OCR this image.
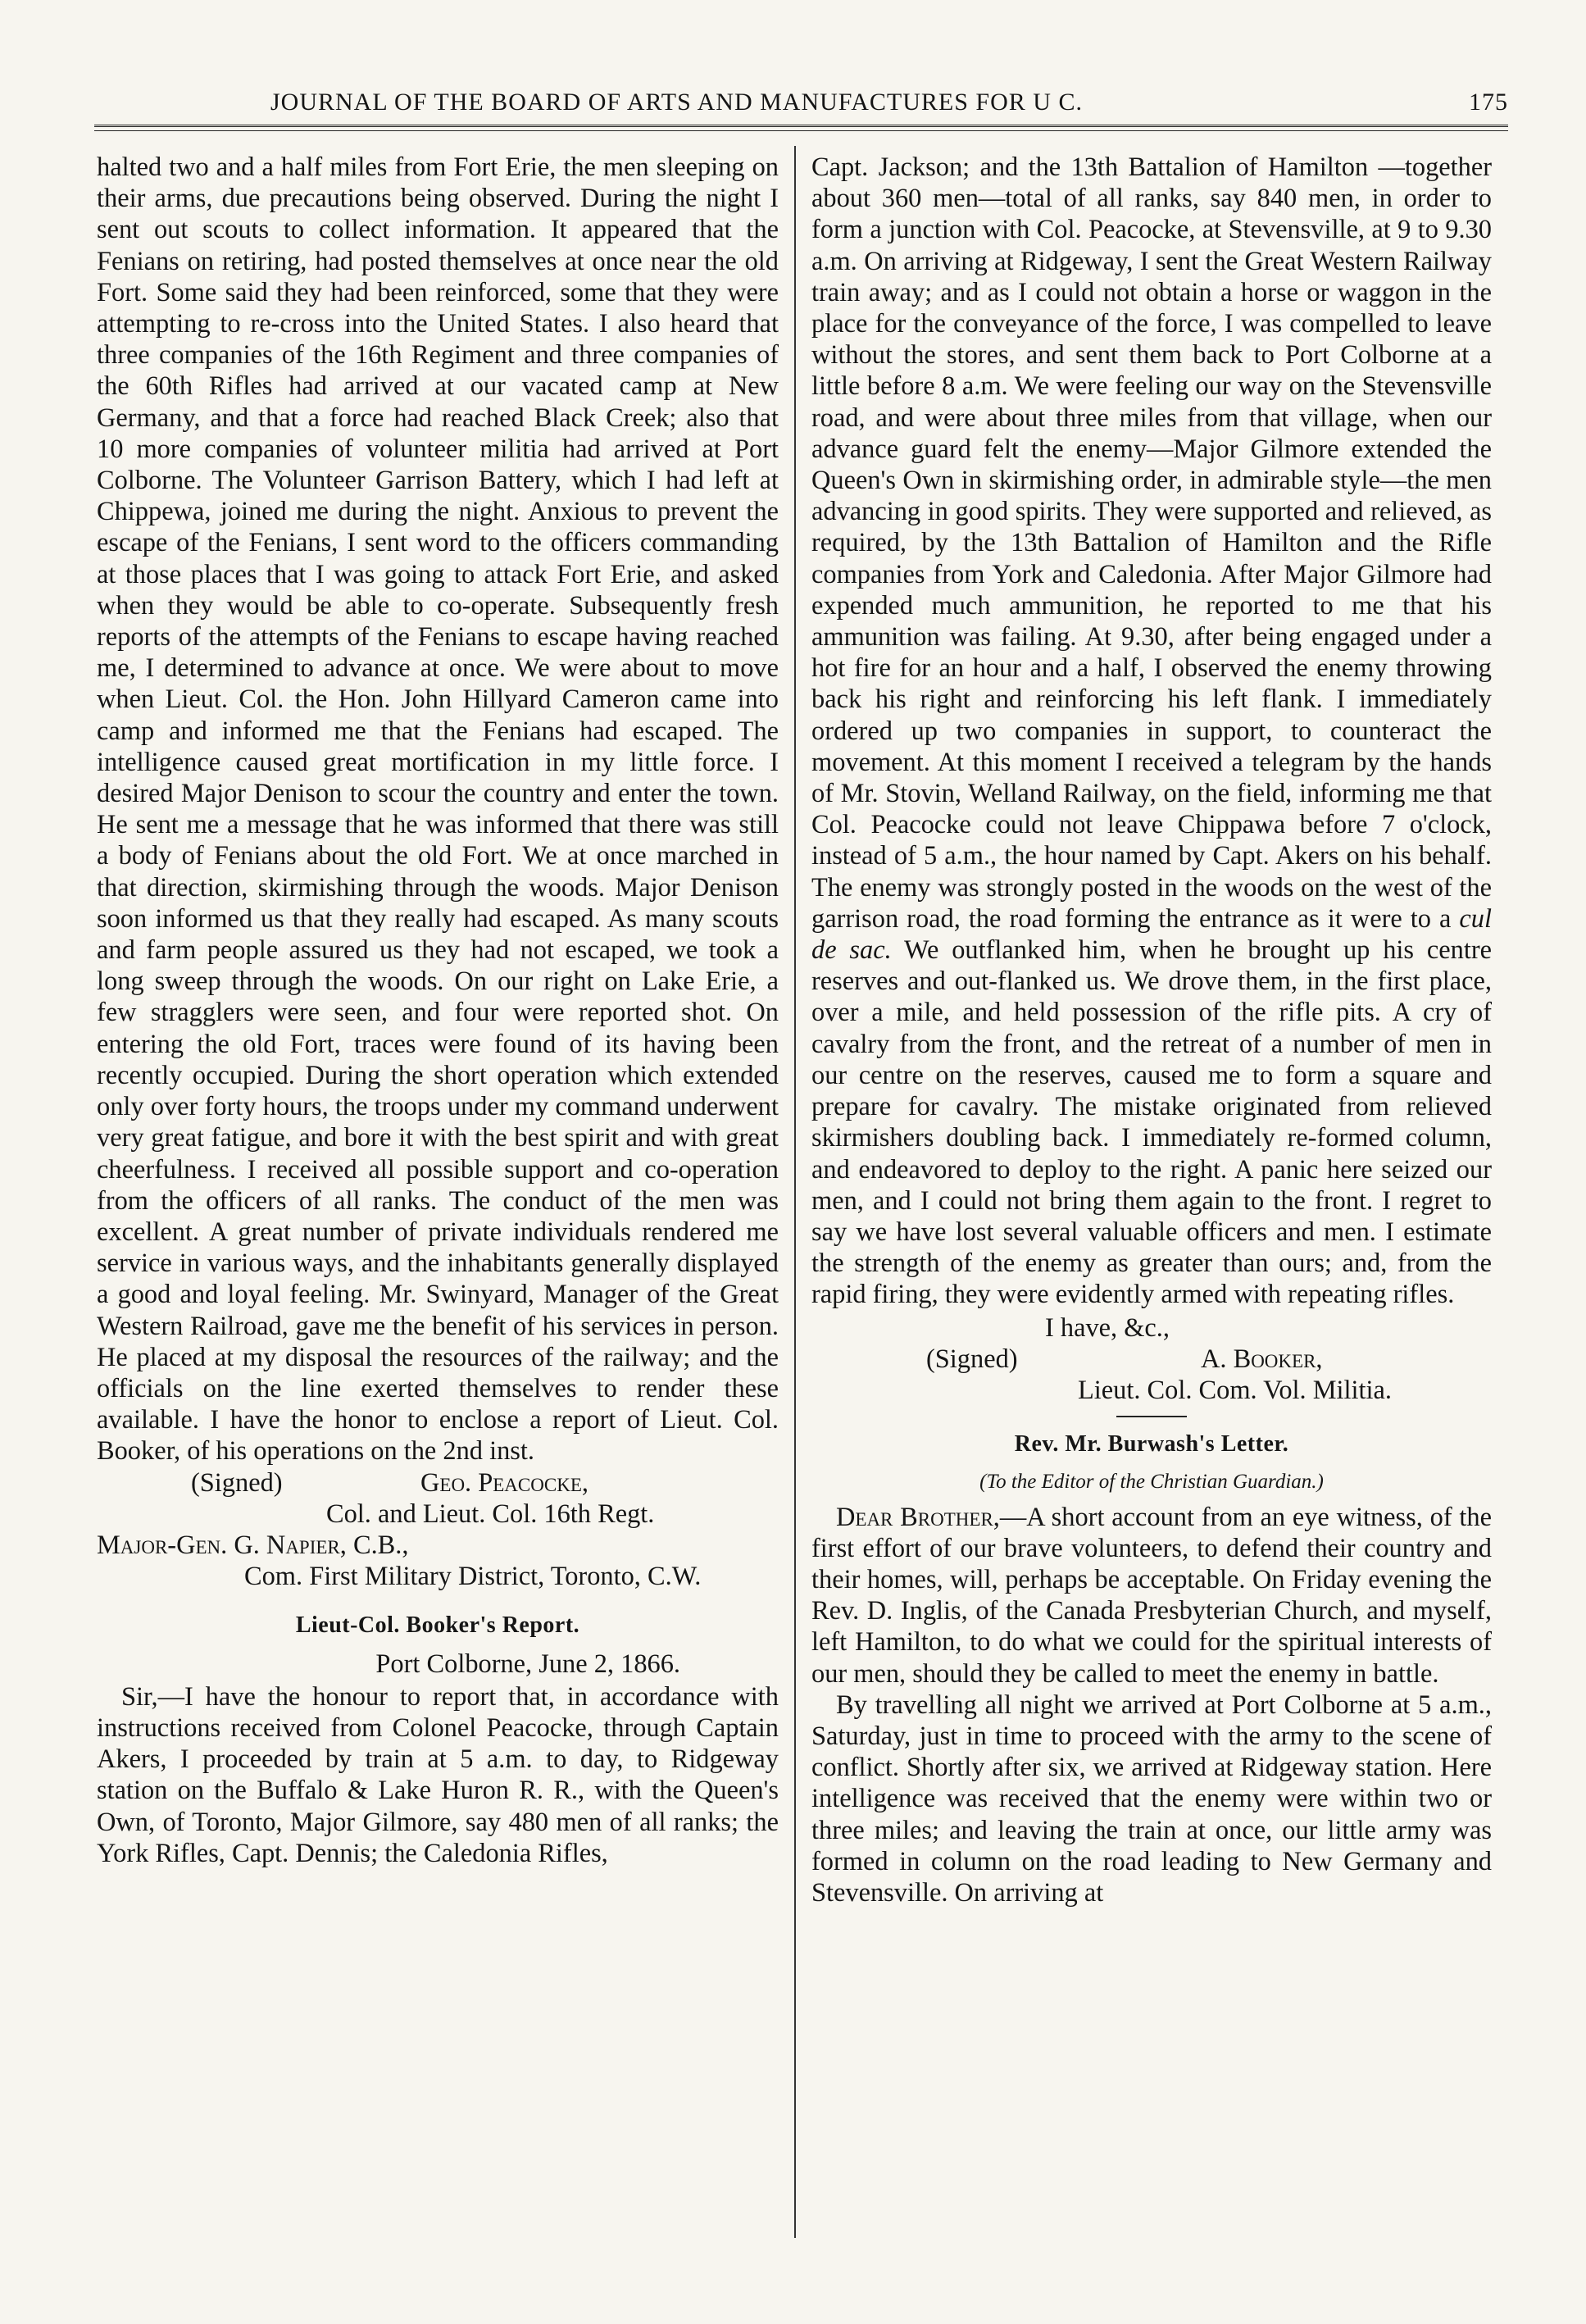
JOURNAL OF THE BOARD OF ARTS AND MANUFACTURES FOR U C.	175

halted two and a half miles from Fort Erie, the men sleeping on their arms, due precautions being observed. During the night I sent out scouts to collect information. It appeared that the Fenians on retiring, had posted themselves at once near the old Fort. Some said they had been reinforced, some that they were attempting to re-cross into the United States. I also heard that three companies of the 16th Regiment and three companies of the 60th Rifles had arrived at our vacated camp at New Germany, and that a force had reached Black Creek; also that 10 more companies of volunteer militia had arrived at Port Colborne. The Volunteer Garrison Battery, which I had left at Chippewa, joined me during the night. Anxious to prevent the escape of the Fenians, I sent word to the officers commanding at those places that I was going to attack Fort Erie, and asked when they would be able to co-operate. Subsequently fresh reports of the attempts of the Fenians to escape having reached me, I determined to advance at once. We were about to move when Lieut. Col. the Hon. John Hillyard Cameron came into camp and informed me that the Fenians had escaped. The intelligence caused great mortification in my little force. I desired Major Denison to scour the country and enter the town. He sent me a message that he was informed that there was still a body of Fenians about the old Fort. We at once marched in that direction, skirmishing through the woods. Major Denison soon informed us that they really had escaped. As many scouts and farm people assured us they had not escaped, we took a long sweep through the woods. On our right on Lake Erie, a few stragglers were seen, and four were reported shot. On entering the old Fort, traces were found of its having been recently occupied. During the short operation which extended only over forty hours, the troops under my command underwent very great fatigue, and bore it with the best spirit and with great cheerfulness. I received all possible support and co-operation from the officers of all ranks. The conduct of the men was excellent. A great number of private individuals rendered me service in various ways, and the inhabitants generally displayed a good and loyal feeling. Mr. Swinyard, Manager of the Great Western Railroad, gave me the benefit of his services in person. He placed at my disposal the resources of the railway; and the officials on the line exerted themselves to render these available. I have the honor to enclose a report of Lieut. Col. Booker, of his operations on the 2nd inst.

(Signed)	Geo. Peacocke,

Col. and Lieut. Col. 16th Regt.

Major-Gen. G. Napier, C.B.,

Com. First Military District, Toronto, C.W.

Lieut-Col. Booker's Report.

Port Colborne, June 2, 1866.

Sir,—I have the honour to report that, in accordance with instructions received from Colonel Peacocke, through Captain Akers, I proceeded by train at 5 a.m. to day, to Ridgeway station on the Buffalo & Lake Huron R. R., with the Queen's Own, of Toronto, Major Gilmore, say 480 men of all ranks; the York Rifles, Capt. Dennis; the Caledonia Rifles,

Capt. Jackson; and the 13th Battalion of Hamilton —together about 360 men—total of all ranks, say 840 men, in order to form a junction with Col. Peacocke, at Stevensville, at 9 to 9.30 a.m. On arriving at Ridgeway, I sent the Great Western Railway train away; and as I could not obtain a horse or waggon in the place for the conveyance of the force, I was compelled to leave without the stores, and sent them back to Port Colborne at a little before 8 a.m. We were feeling our way on the Stevensville road, and were about three miles from that village, when our advance guard felt the enemy—Major Gilmore extended the Queen's Own in skirmishing order, in admirable style—the men advancing in good spirits. They were supported and relieved, as required, by the 13th Battalion of Hamilton and the Rifle companies from York and Caledonia. After Major Gilmore had expended much ammunition, he reported to me that his ammunition was failing. At 9.30, after being engaged under a hot fire for an hour and a half, I observed the enemy throwing back his right and reinforcing his left flank. I immediately ordered up two companies in support, to counteract the movement. At this moment I received a telegram by the hands of Mr. Stovin, Welland Railway, on the field, informing me that Col. Peacocke could not leave Chippawa before 7 o'clock, instead of 5 a.m., the hour named by Capt. Akers on his behalf. The enemy was strongly posted in the woods on the west of the garrison road, the road forming the entrance as it were to a cul de sac. We outflanked him, when he brought up his centre reserves and out-flanked us. We drove them, in the first place, over a mile, and held possession of the rifle pits. A cry of cavalry from the front, and the retreat of a number of men in our centre on the reserves, caused me to form a square and prepare for cavalry. The mistake originated from relieved skirmishers doubling back. I immediately re-formed column, and endeavored to deploy to the right. A panic here seized our men, and I could not bring them again to the front. I regret to say we have lost several valuable officers and men. I estimate the strength of the enemy as greater than ours; and, from the rapid firing, they were evidently armed with repeating rifles.

I have, &c.,
(Signed)	A. Booker,
Lieut. Col. Com. Vol. Militia.
Rev. Mr. Burwash's Letter.

(To the Editor of the Christian Guardian.)

Dear Brother,—A short account from an eye witness, of the first effort of our brave volunteers, to defend their country and their homes, will, perhaps be acceptable. On Friday evening the Rev. D. Inglis, of the Canada Presbyterian Church, and myself, left Hamilton, to do what we could for the spiritual interests of our men, should they be called to meet the enemy in battle.

By travelling all night we arrived at Port Colborne at 5 a.m., Saturday, just in time to proceed with the army to the scene of conflict. Shortly after six, we arrived at Ridgeway station. Here intelligence was received that the enemy were within two or three miles; and leaving the train at once, our little army was formed in column on the road leading to New Germany and Stevensville. On arriving at
